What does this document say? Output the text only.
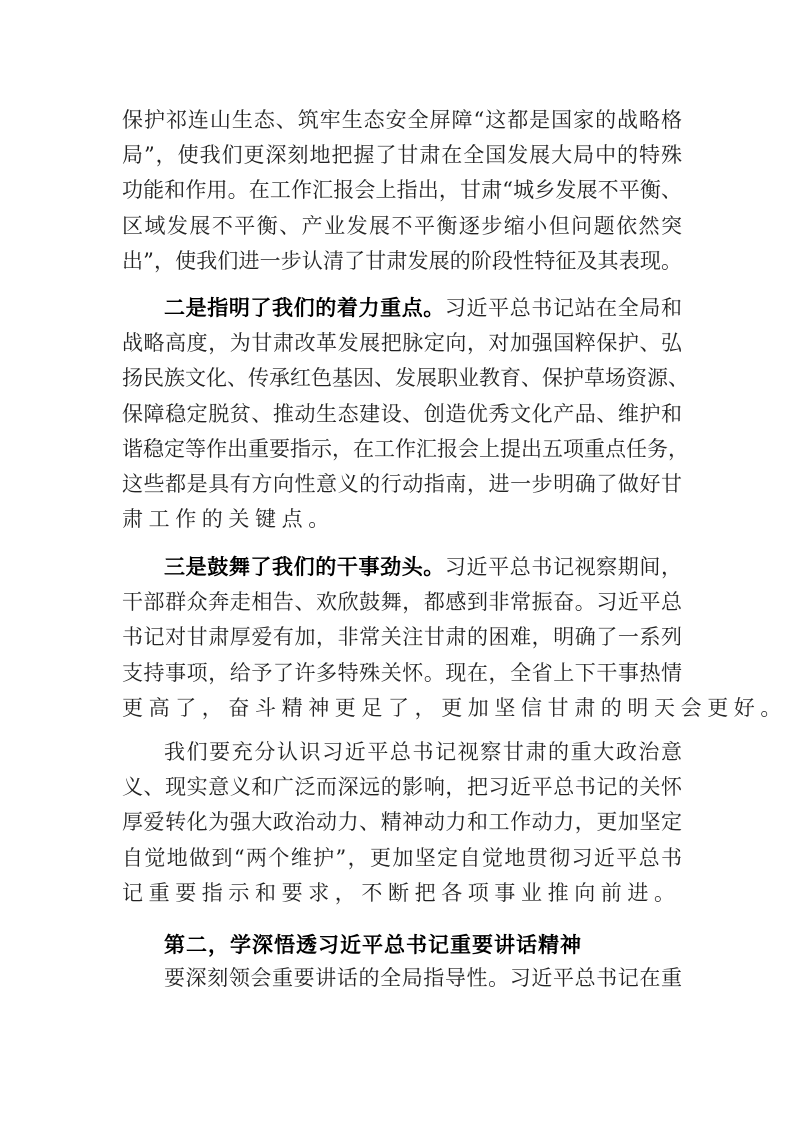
保护祁连山生态、筑牢生态安全屏障“这都是国家的战略格
局”，使我们更深刻地把握了甘肃在全国发展大局中的特殊
功能和作用。在工作汇报会上指出，甘肃“城乡发展不平衡、
区域发展不平衡、产业发展不平衡逐步缩小但问题依然突
出”，使我们进一步认清了甘肃发展的阶段性特征及其表现。
二是指明了我们的着力重点。习近平总书记站在全局和
战略高度，为甘肃改革发展把脉定向，对加强国粹保护、弘
扬民族文化、传承红色基因、发展职业教育、保护草场资源、
保障稳定脱贫、推动生态建设、创造优秀文化产品、维护和
谐稳定等作出重要指示，在工作汇报会上提出五项重点任务，
这些都是具有方向性意义的行动指南，进一步明确了做好甘
肃工作的关键点。
三是鼓舞了我们的干事劲头。习近平总书记视察期间，
干部群众奔走相告、欢欣鼓舞，都感到非常振奋。习近平总
书记对甘肃厚爱有加，非常关注甘肃的困难，明确了一系列
支持事项，给予了许多特殊关怀。现在，全省上下干事热情
更高了，奋斗精神更足了，更加坚信甘肃的明天会更好。
我们要充分认识习近平总书记视察甘肃的重大政治意
义、现实意义和广泛而深远的影响，把习近平总书记的关怀
厚爱转化为强大政治动力、精神动力和工作动力，更加坚定
自觉地做到“两个维护”，更加坚定自觉地贯彻习近平总书
记重要指示和要求，不断把各项事业推向前进。
第二，学深悟透习近平总书记重要讲话精神
要深刻领会重要讲话的全局指导性。习近平总书记在重
